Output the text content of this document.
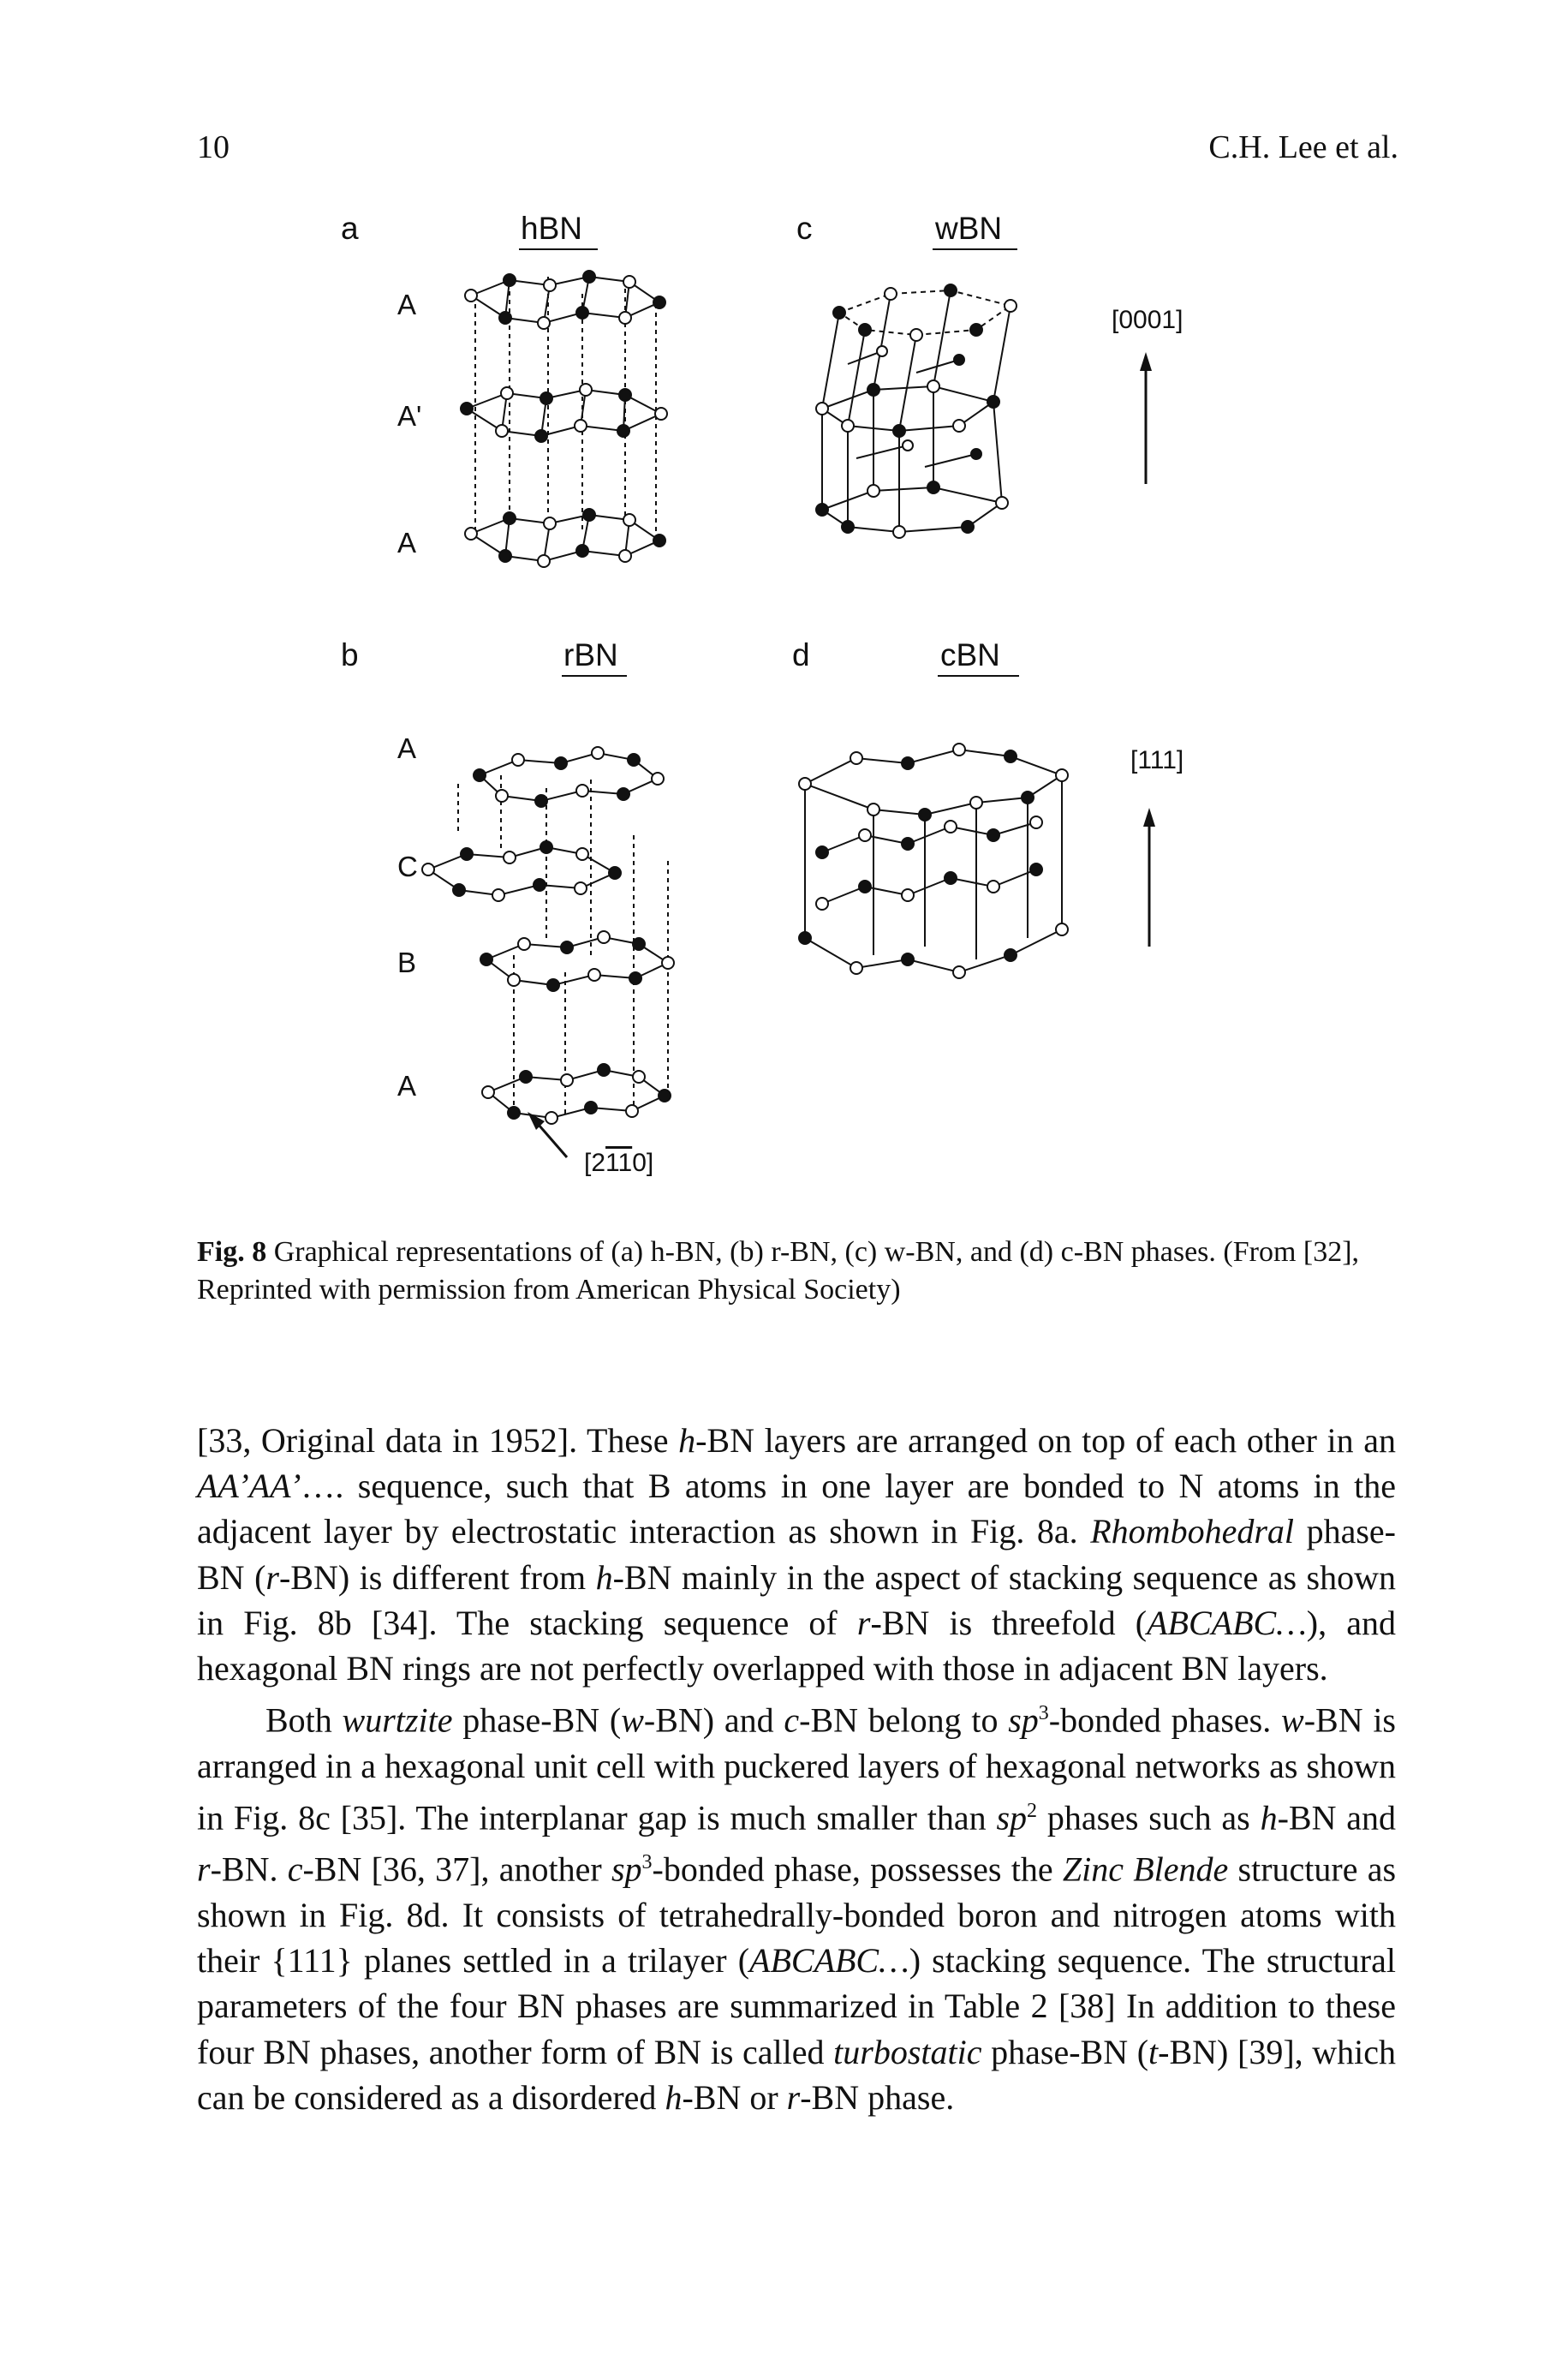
10	C.H. Lee et al.
a	hBN	c	wBN
b	rBN	d	cBN
A
A'
A
A
C
B
A
[0001]
[111]
[2110]
Fig. 8 Graphical representations of (a) h-BN, (b) r-BN, (c) w-BN, and (d) c-BN phases. (From [32], Reprinted with permission from American Physical Society)

[33, Original data in 1952]. These h-BN layers are arranged on top of each other in an AA’AA’…. sequence, such that B atoms in one layer are bonded to N atoms in the adjacent layer by electrostatic interaction as shown in Fig. 8a. Rhombohedral phase-BN (r-BN) is different from h-BN mainly in the aspect of stacking sequence as shown in Fig. 8b [34]. The stacking sequence of r-BN is threefold (ABCABC…), and hexagonal BN rings are not perfectly overlapped with those in adjacent BN layers.

Both wurtzite phase-BN (w-BN) and c-BN belong to $sp^3$-bonded phases. w-BN is arranged in a hexagonal unit cell with puckered layers of hexagonal networks as shown in Fig. 8c [35]. The interplanar gap is much smaller than $sp^2$ phases such as h-BN and r-BN. c-BN [36, 37], another $sp^3$-bonded phase, possesses the Zinc Blende structure as shown in Fig. 8d. It consists of tetrahedrally-bonded boron and nitrogen atoms with their {111} planes settled in a trilayer (ABCABC…) stacking sequence. The structural parameters of the four BN phases are summarized in Table 2 [38] In addition to these four BN phases, another form of BN is called turbostatic phase-BN (t-BN) [39], which can be considered as a disordered h-BN or r-BN phase.
